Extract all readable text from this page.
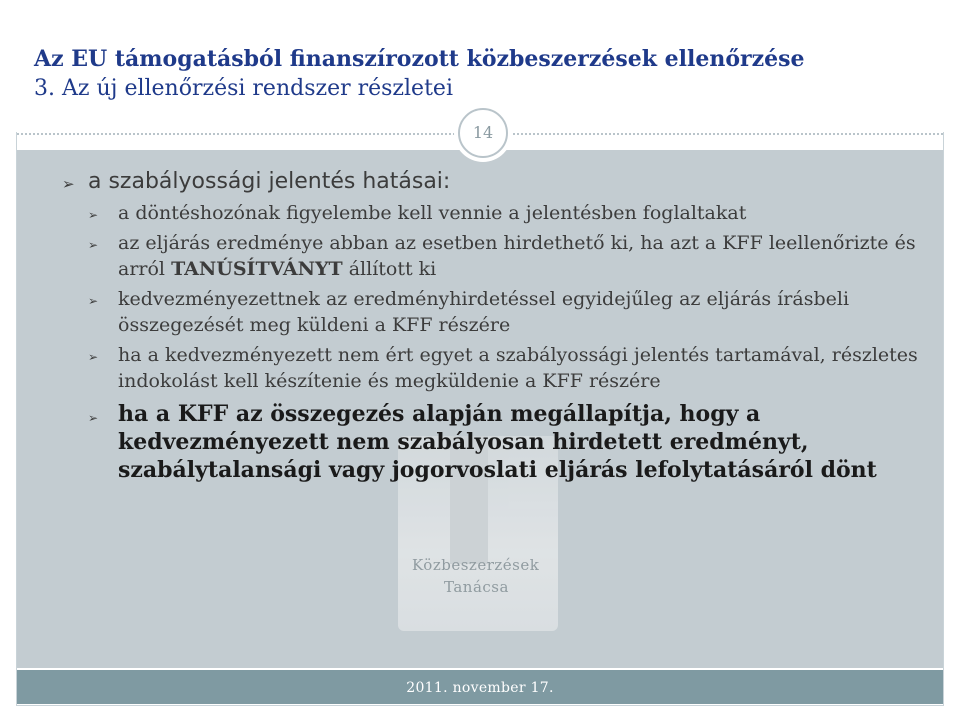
Az EU támogatásból finanszírozott közbeszerzések ellenőrzése
3. Az új ellenőrzési rendszer részletei
14
Közbeszerzések
Tanácsa
➢ a szabályossági jelentés hatásai:
➢ a döntéshozónak figyelembe kell vennie a jelentésben foglaltakat
➢ az eljárás eredménye abban az esetben hirdethető ki, ha azt a KFF leellenőrizte és arról TANÚSÍTVÁNYT állított ki
➢ kedvezményezettnek az eredményhirdetéssel egyidejűleg az eljárás írásbeli összegezését meg küldeni a KFF részére
➢ ha a kedvezményezett nem ért egyet a szabályossági jelentés tartamával, részletes indokolást kell készítenie és megküldenie a KFF részére
➢ ha a KFF az összegezés alapján megállapítja, hogy a kedvezményezett nem szabályosan hirdetett eredményt, szabálytalansági vagy jogorvoslati eljárás lefolytatásáról dönt
2011. november 17.
